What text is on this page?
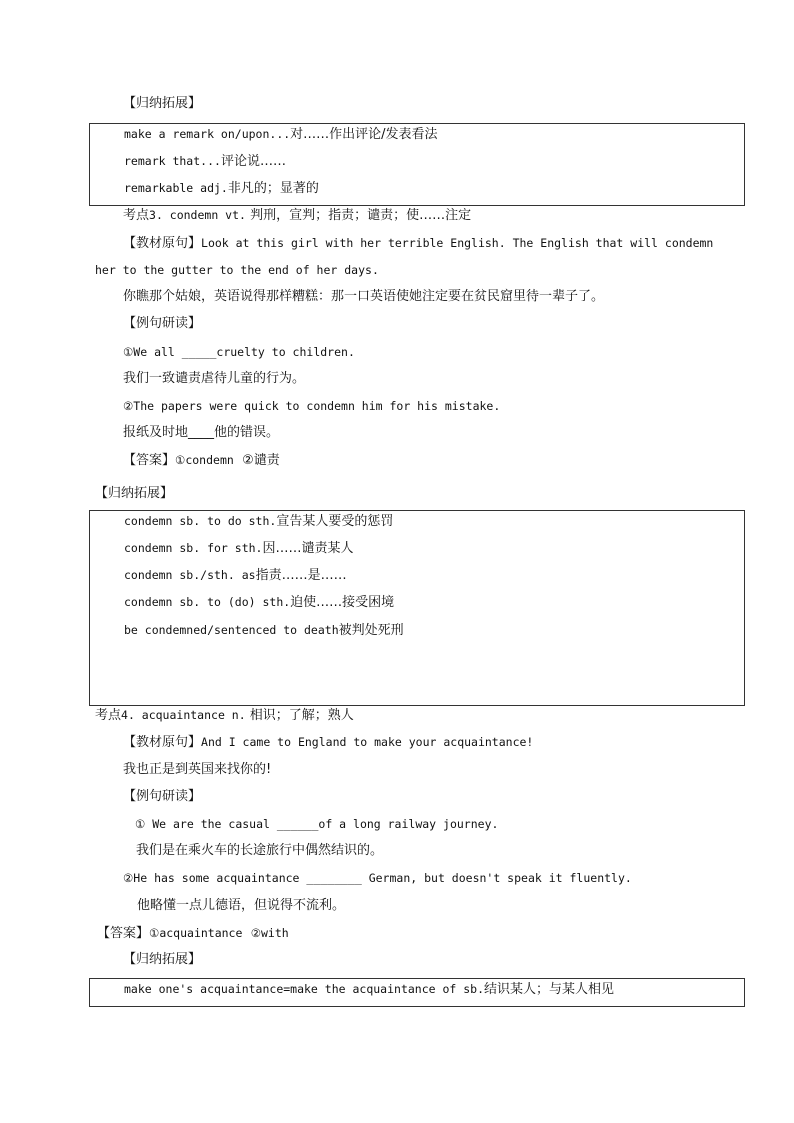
【归纳拓展】
make a remark on/upon...对……作出评论/发表看法
remark that...评论说……
remarkable adj.非凡的；显著的
考点3. condemn vt. 判刑，宣判；指责；谴责；使……注定
【教材原句】Look at this girl with her terrible English. The English that will condemn
her to the gutter to the end of her days.
你瞧那个姑娘，英语说得那样糟糕：那一口英语使她注定要在贫民窟里待一辈子了。
【例句研读】
①We all _____cruelty to children.
我们一致谴责虐待儿童的行为。
②The papers were quick to condemn him for his mistake.
报纸及时地____他的错误。
【答案】①condemn ②谴责
【归纳拓展】
condemn sb. to do sth.宣告某人要受的惩罚
condemn sb. for sth.因……谴责某人
condemn sb./sth. as指责……是……
condemn sb. to (do) sth.迫使……接受困境
be condemned/sentenced to death被判处死刑
考点4. acquaintance n. 相识；了解；熟人
【教材原句】And I came to England to make your acquaintance!
我也正是到英国来找你的!
【例句研读】
① We are the casual ______of a long railway journey.
我们是在乘火车的长途旅行中偶然结识的。
②He has some acquaintance ________ German, but doesn't speak it fluently.
他略懂一点儿德语，但说得不流利。
【答案】①acquaintance ②with
【归纳拓展】
make one's acquaintance=make the acquaintance of sb.结识某人；与某人相见
